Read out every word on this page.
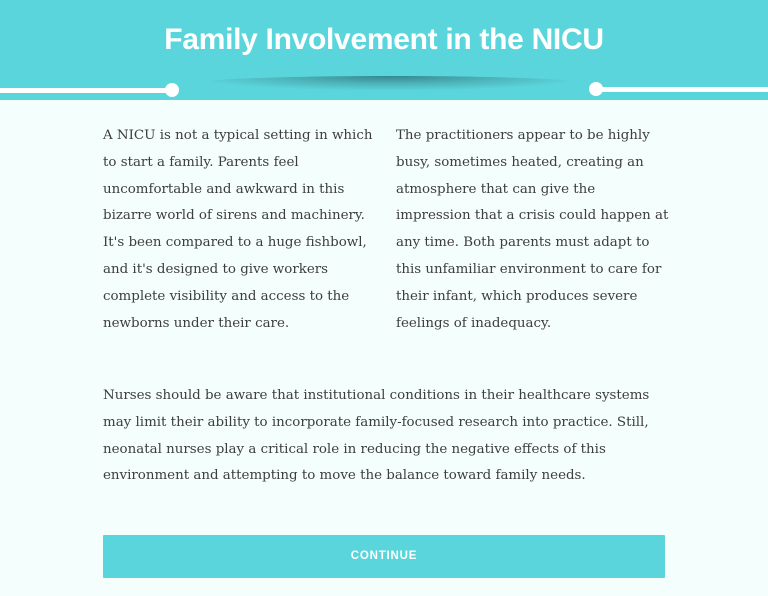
Family Involvement in the NICU

A NICU is not a typical setting in which to start a family. Parents feel uncomfortable and awkward in this bizarre world of sirens and machinery. It's been compared to a huge fishbowl, and it's designed to give workers complete visibility and access to the newborns under their care.

The practitioners appear to be highly busy, sometimes heated, creating an atmosphere that can give the impression that a crisis could happen at any time. Both parents must adapt to this unfamiliar environment to care for their infant, which produces severe feelings of inadequacy.

Nurses should be aware that institutional conditions in their healthcare systems may limit their ability to incorporate family-focused research into practice. Still, neonatal nurses play a critical role in reducing the negative effects of this environment and attempting to move the balance toward family needs.

CONTINUE
